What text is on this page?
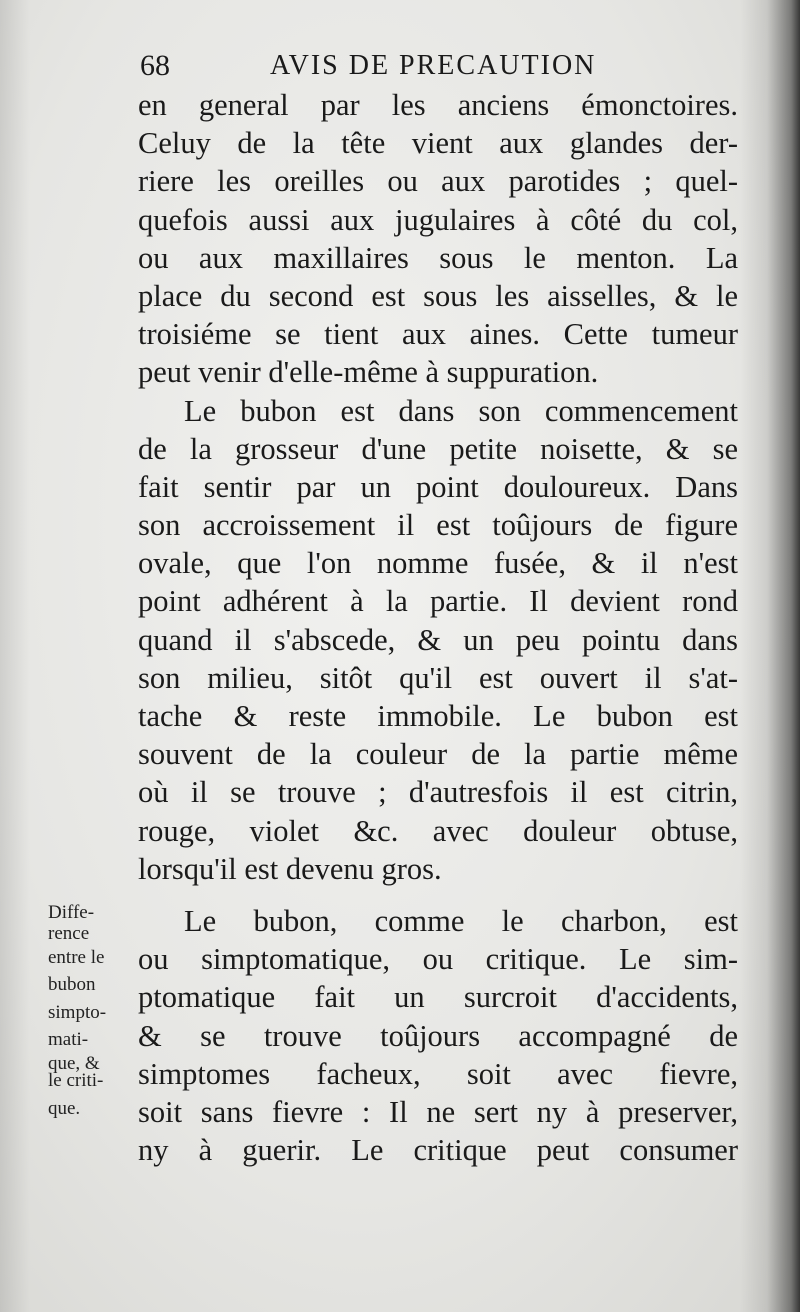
68	AVIS DE PRECAUTION
en general par les anciens émonctoires.
Celuy de la tête vient aux glandes der-
riere les oreilles ou aux parotides ; quel-
quefois aussi aux jugulaires à côté du col,
ou aux maxillaires sous le menton. La
place du second est sous les aisselles, & le
troisiéme se tient aux aines. Cette tumeur
peut venir d'elle-même à suppuration.
Le bubon est dans son commencement
de la grosseur d'une petite noisette, & se
fait sentir par un point douloureux. Dans
son accroissement il est toûjours de figure
ovale, que l'on nomme fusée, & il n'est
point adhérent à la partie. Il devient rond
quand il s'abscede, & un peu pointu dans
son milieu, sitôt qu'il est ouvert il s'at-
tache & reste immobile. Le bubon est
souvent de la couleur de la partie même
où il se trouve ; d'autresfois il est citrin,
rouge, violet &c. avec douleur obtuse,
lorsqu'il est devenu gros.
Le bubon, comme le charbon, est
ou simptomatique, ou critique. Le sim-
ptomatique fait un surcroit d'accidents,
& se trouve toûjours accompagné de
simptomes facheux, soit avec fievre,
soit sans fievre : Il ne sert ny à preserver,
ny à guerir. Le critique peut consumer
Diffe-
rence
entre le
bubon
simpto-
mati-
que, &
le criti-
que.
